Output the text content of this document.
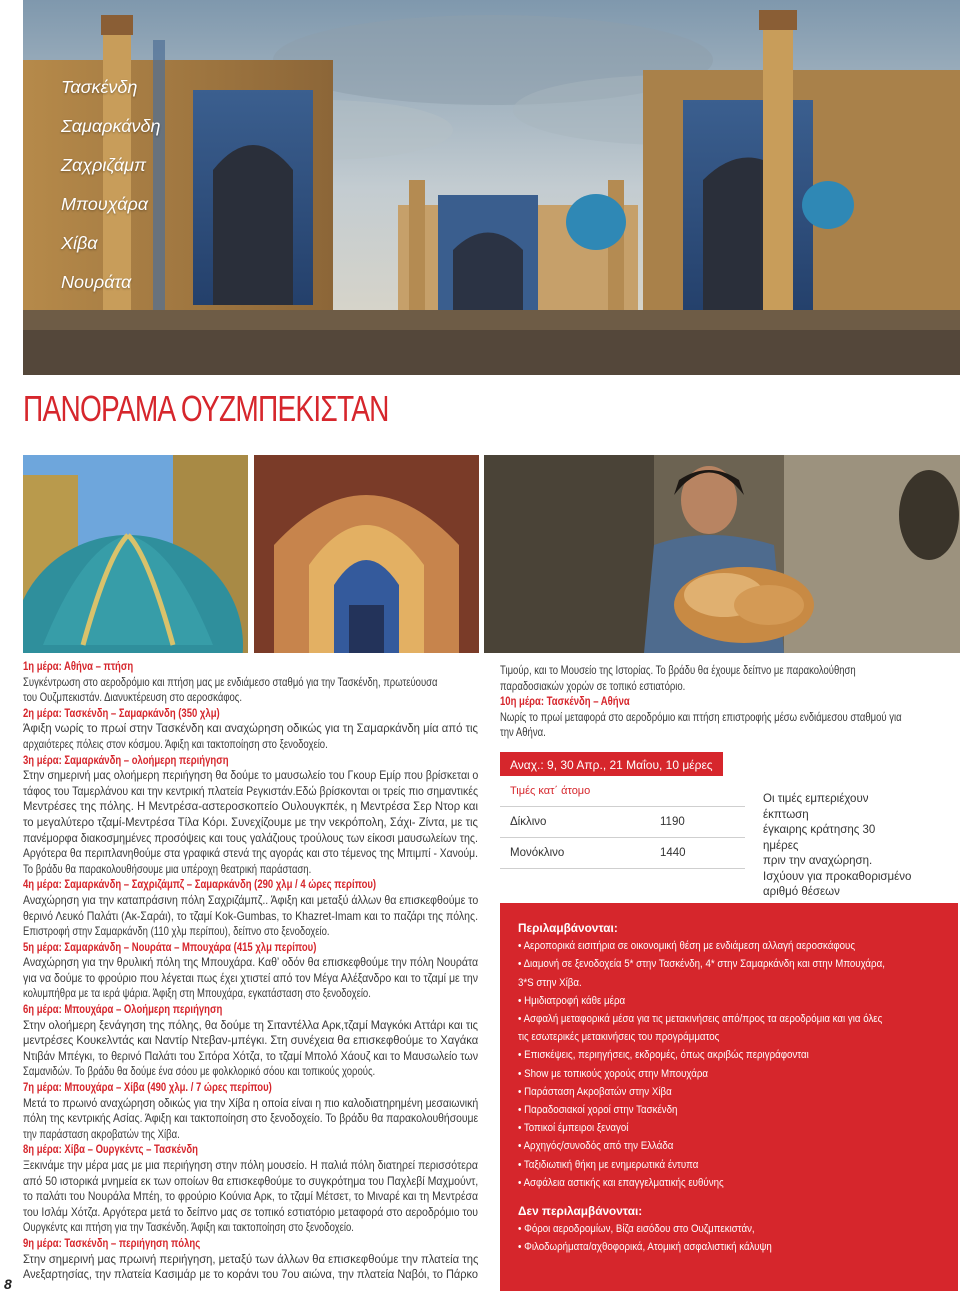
Τασκένδη
Σαμαρκάνδη
Ζαχριζάμπ
Μπουχάρα
Χίβα
Νουράτα
ΠΑΝΟΡΑΜΑ ΟΥΖΜΠΕΚΙΣΤΑΝ
1η μέρα: Αθήνα – πτήση
Συγκέντρωση στο αεροδρόμιο και πτήση μας με ενδιάμεσο σταθμό για την Τασκένδη, πρωτεύουσα
του Ουζμπεκιστάν. Διανυκτέρευση στο αεροσκάφος.
2η μέρα: Τασκένδη – Σαμαρκάνδη (350 χλμ)
Άφιξη νωρίς το πρωί στην Τασκένδη και αναχώρηση οδικώς για τη Σαμαρκάνδη μία από τις
αρχαιότερες πόλεις στον κόσμου. Άφιξη και τακτοποίηση στο ξενοδοχείο.
3η μέρα: Σαμαρκάνδη – ολοήμερη περιήγηση
Στην σημερινή μας ολοήμερη περιήγηση θα δούμε το μαυσωλείο του Γκουρ Εμίρ που βρίσκεται ο
τάφος του Ταμερλάνου και την κεντρική πλατεία Ρεγκιστάν.Εδώ βρίσκονται οι τρείς πιο σημαντικές
Μεντρέσες της πόλης. Η Μεντρέσα-αστεροσκοπείο Ουλουγκπέκ, η Μεντρέσα Σερ Ντορ και
το μεγαλύτερο τζαμί-Μεντρέσα Τίλα Κόρι. Συνεχίζουμε με την νεκρόπολη, Σάχι- Ζίντα, με τις
πανέμορφα διακοσμημένες προσόψεις και τους γαλάζιους τρούλους των είκοσι μαυσωλείων της.
Αργότερα θα περιπλανηθούμε στα γραφικά στενά της αγοράς και στο τέμενος της Μπιμπί - Χανούμ.
Το βράδυ θα παρακολουθήσουμε μια υπέροχη θεατρική παράσταση.
4η μέρα: Σαμαρκάνδη – Σαχριζάμπζ – Σαμαρκάνδη (290 χλμ / 4 ώρες περίπου)
Αναχώρηση για την καταπράσινη πόλη Σαχριζάμπζ.. Άφιξη και μεταξύ άλλων θα επισκεφθούμε το
θερινό Λευκό Παλάτι (Ακ-Σαράι), το τζαμί Kok-Gumbas, το Khazret-Imam και το παζάρι της πόλης.
Επιστροφή στην Σαμαρκάνδη (110 χλμ περίπου), δείπνο στο ξενοδοχείο.
5η μέρα: Σαμαρκάνδη – Νουράτα – Μπουχάρα (415 χλμ περίπου)
Αναχώρηση για την θρυλική πόλη της Μπουχάρα. Καθ’ οδόν θα επισκεφθούμε την πόλη Νουράτα
για να δούμε το φρούριο που λέγεται πως έχει χτιστεί από τον Μέγα Αλέξανδρο και το τζαμί με την
κολυμπήθρα με τα ιερά ψάρια. Άφιξη στη Μπουχάρα, εγκατάσταση στο ξενοδοχείο.
6η μέρα: Μπουχάρα – Ολοήμερη περιήγηση
Στην ολοήμερη ξενάγηση της πόλης, θα δούμε τη Σιταντέλλα Αρκ,τζαμί Μαγκόκι Αττάρι και τις
μεντρέσες Κουκελντάς και Ναντίρ Ντεβαν-μπέγκι. Στη συνέχεια θα επισκεφθούμε τo Χαγάκα
Ντιβάν Μπέγκι, το θερινό Παλάτι του Σιτόρα Χότζα, το τζαμί Μπολό Χάουζ και το Μαυσωλείο των
Σαμανιδών. Το βράδυ θα δούμε ένα σόου με φολκλορικό σόου και τοπικούς χορούς.
7η μέρα: Μπουχάρα – Χίβα (490 χλμ. / 7 ώρες περίπου)
Μετά το πρωινό αναχώρηση οδικώς για την Χίβα η οποία είναι η πιο καλοδιατηρημένη μεσαιωνική
πόλη της κεντρικής Ασίας. Άφιξη και τακτοποίηση στο ξενοδοχείο. Το βράδυ θα παρακολουθήσουμε
την παράσταση ακροβατών της Χίβα.
8η μέρα: Χίβα – Ουργκέντς – Τασκένδη
Ξεκινάμε την μέρα μας με μια περιήγηση στην πόλη μουσείο. Η παλιά πόλη διατηρεί περισσότερα
από 50 ιστορικά μνημεία εκ των οποίων θα επισκεφθούμε το συγκρότημα του Παχλεβί Μαχμούντ,
το παλάτι του Νουράλα Μπέη, το φρούριο Κούνια Αρκ, το τζαμί Μέτσετ, το Μιναρέ και τη Μεντρέσα
του Ισλάμ Χότζα. Αργότερα μετά το δείπνο μας σε τοπικό εστιατόριο μεταφορά στο αεροδρόμιο του
Ουργκέντς και πτήση για την Τασκένδη. Άφιξη και τακτοποίηση στο ξενοδοχείο.
9η μέρα: Τασκένδη – περιήγηση πόλης
Στην σημερινή μας πρωινή περιήγηση, μεταξύ των άλλων θα επισκεφθούμε την πλατεία της
Ανεξαρτησίας, την πλατεία Κασιμάρ με το κοράνι του 7ου αιώνα, την πλατεία Ναβόι, το Πάρκο
Τιμούρ, και το Μουσείο της Ιστορίας. Το βράδυ θα έχουμε δείπνο με παρακολούθηση
παραδοσιακών χορών σε τοπικό εστιατόριο.
10η μέρα: Τασκένδη – Αθήνα
Νωρίς το πρωί μεταφορά στο αεροδρόμιο και πτήση επιστροφής μέσω ενδιάμεσου σταθμού για
την Αθήνα.
Αναχ.: 9, 30 Απρ., 21 Μαΐου, 10 μέρες
Τιμές κατ΄ άτομο
Δίκλινο	1190
Μονόκλινο	1440
Οι τιμές εμπεριέχουν έκπτωση έγκαιρης κράτησης 30 ημέρες πριν την αναχώρηση. Ισχύουν για προκαθορισμένο αριθμό θέσεων
Περιλαμβάνονται:
• Αεροπορικά εισιτήρια σε οικονομική θέση με ενδιάμεση αλλαγή αεροσκάφους
• Διαμονή σε ξενοδοχεία 5* στην Τασκένδη, 4* στην Σαμαρκάνδη και στην Μπουχάρα,
3*S στην Χίβα.
• Ημιδιατροφή κάθε μέρα
• Ασφαλή μεταφορικά μέσα για τις μετακινήσεις από/προς τα αεροδρόμια και για όλες
τις εσωτερικές μετακινήσεις του προγράμματος
• Επισκέψεις, περιηγήσεις, εκδρομές, όπως ακριβώς περιγράφονται
• Show με τοπικούς χορούς στην Μπουχάρα
• Παράσταση Ακροβατών στην Χίβα
• Παραδοσιακοί χοροί στην Τασκένδη
• Τοπικοί έμπειροι ξεναγοί
• Αρχηγός/συνοδός από την Ελλάδα
• Ταξιδιωτική θήκη με ενημερωτικά έντυπα
• Ασφάλεια αστικής και επαγγελματικής ευθύνης
Δεν περιλαμβάνονται:
• Φόροι αεροδρομίων, Βίζα εισόδου στο Ουζμπεκιστάν,
• Φιλοδωρήματα/αχθοφορικά, Ατομική ασφαλιστική κάλυψη
8
